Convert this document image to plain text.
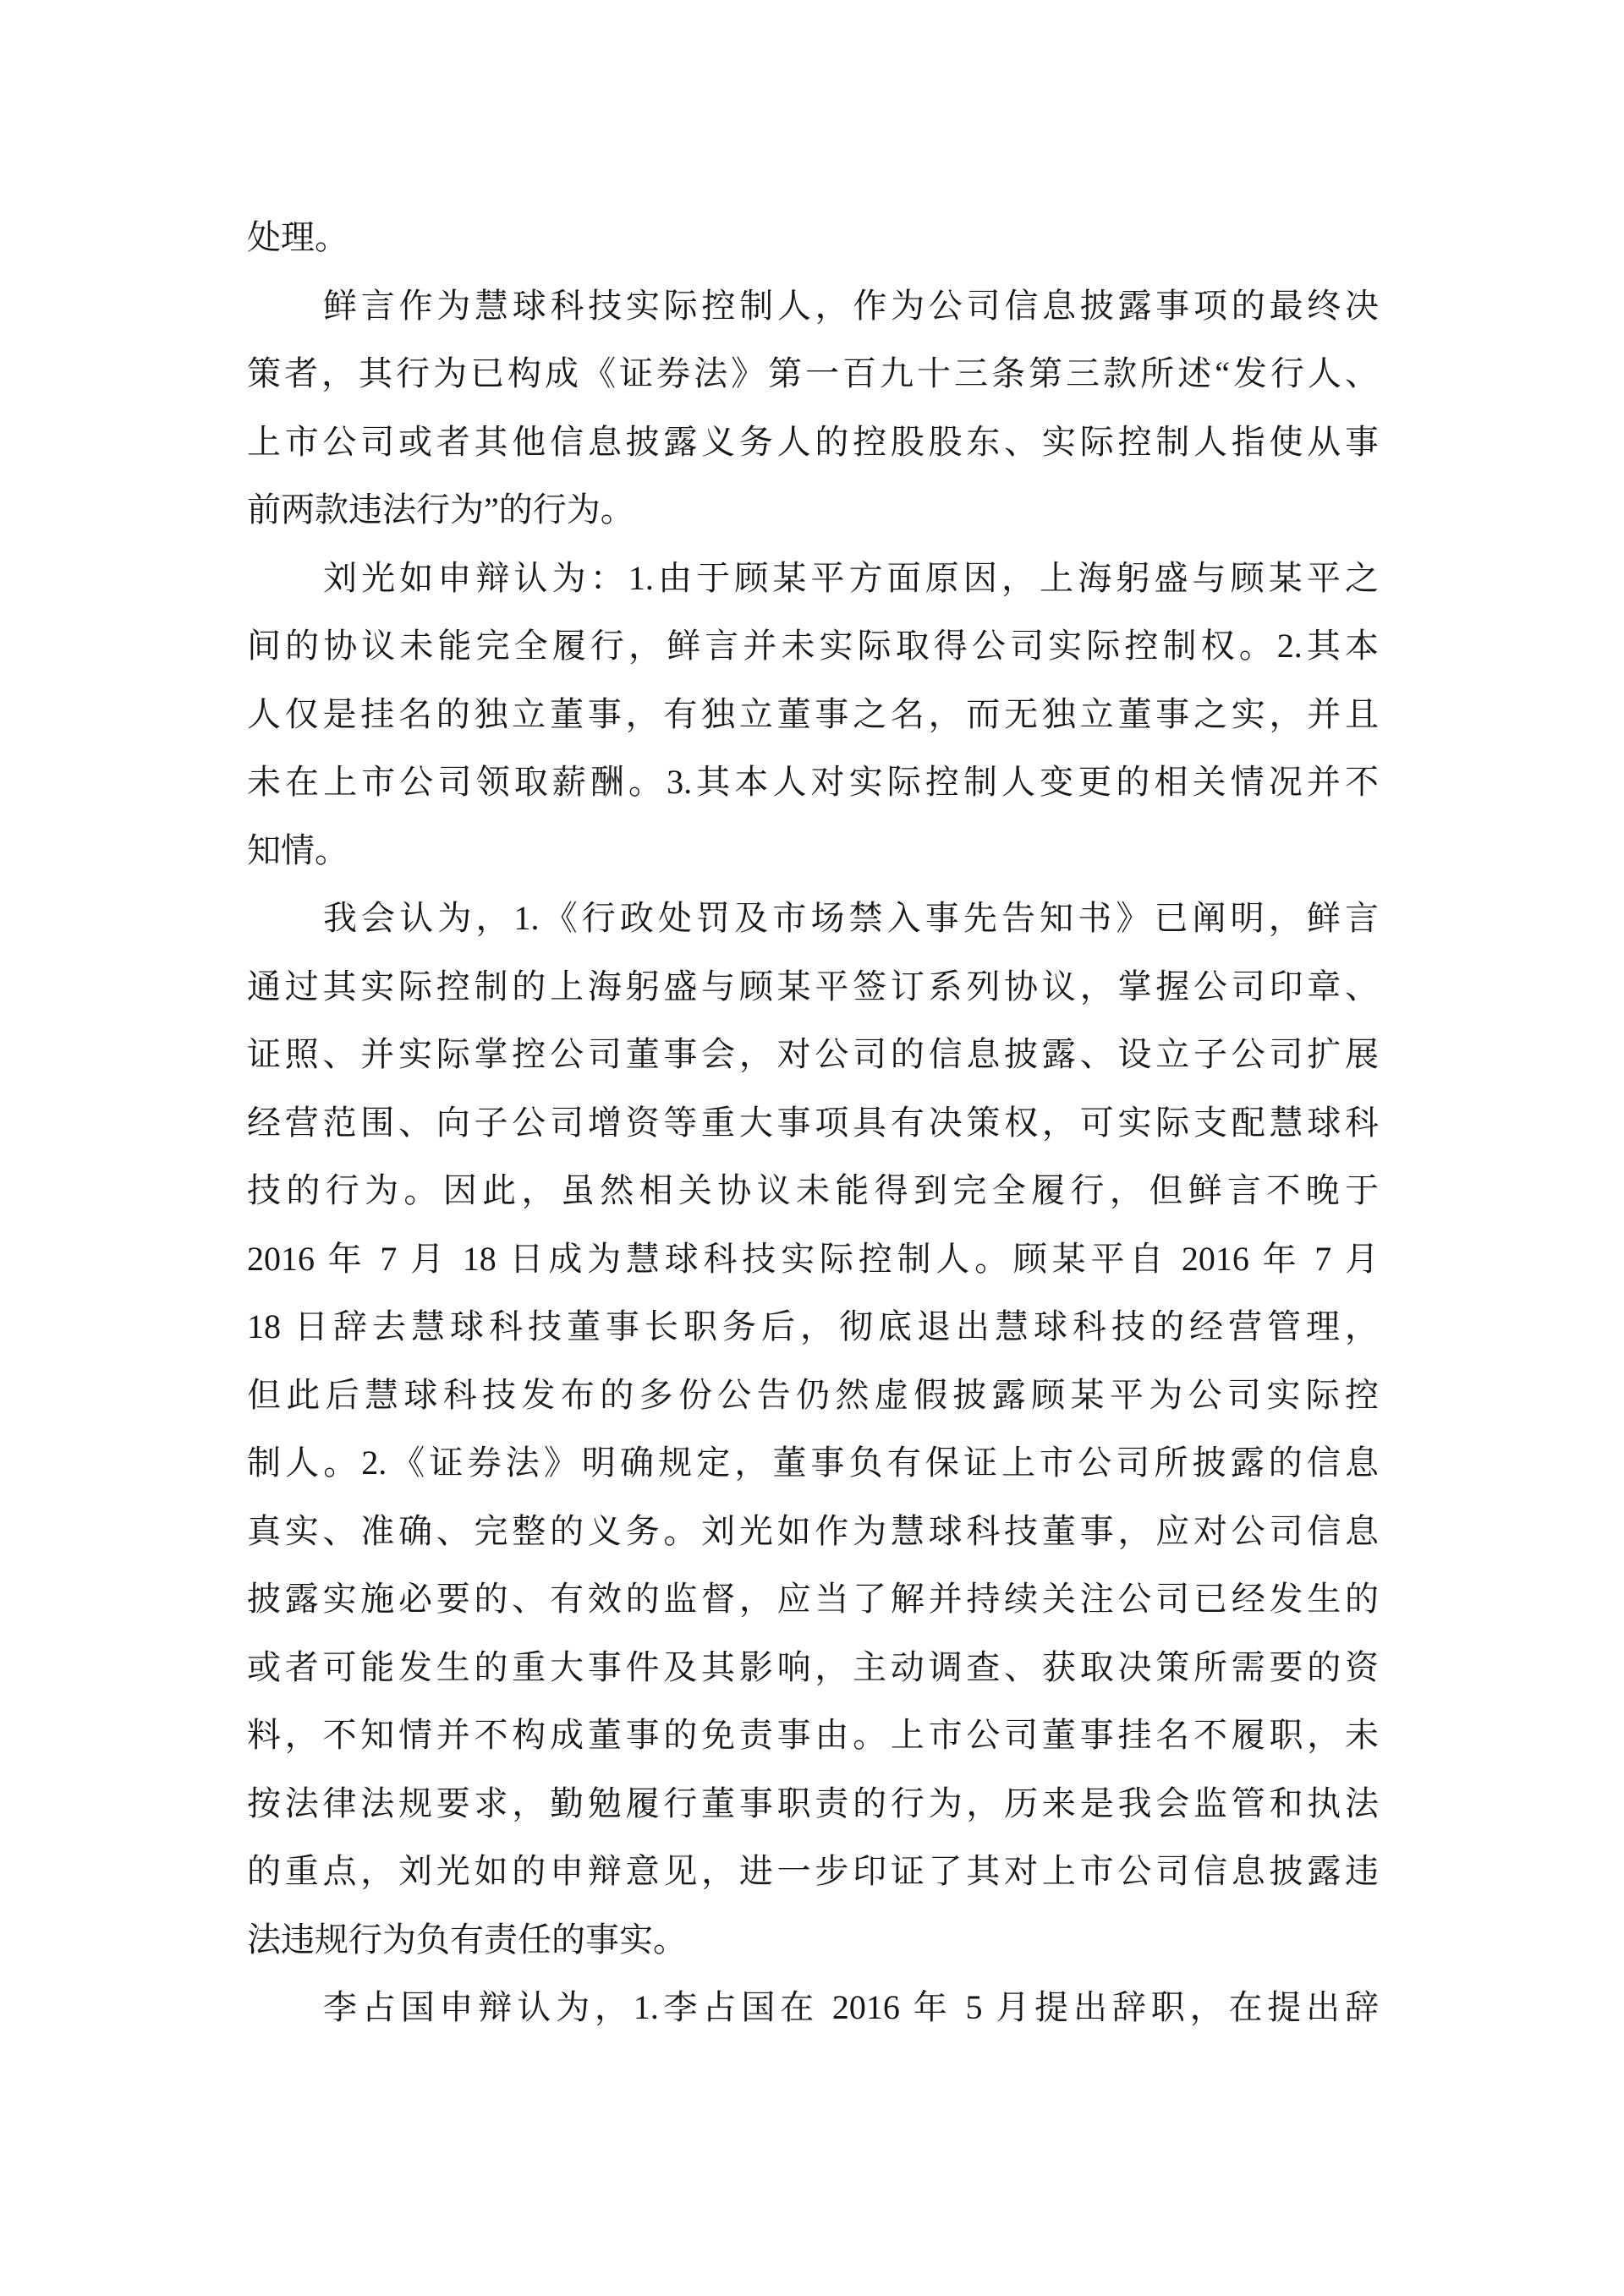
处理。
鲜言作为慧球科技实际控制人，作为公司信息披露事项的最终决
策者，其行为已构成《证券法》第一百九十三条第三款所述“发行人、
上市公司或者其他信息披露义务人的控股股东、实际控制人指使从事
前两款违法行为”的行为。
刘光如申辩认为：1.由于顾某平方面原因，上海躬盛与顾某平之
间的协议未能完全履行，鲜言并未实际取得公司实际控制权。2.其本
人仅是挂名的独立董事，有独立董事之名，而无独立董事之实，并且
未在上市公司领取薪酬。3.其本人对实际控制人变更的相关情况并不
知情。
我会认为，1.《行政处罚及市场禁入事先告知书》已阐明，鲜言
通过其实际控制的上海躬盛与顾某平签订系列协议，掌握公司印章、
证照、并实际掌控公司董事会，对公司的信息披露、设立子公司扩展
经营范围、向子公司增资等重大事项具有决策权，可实际支配慧球科
技的行为。因此，虽然相关协议未能得到完全履行，但鲜言不晚于
2016 年 7 月 18 日成为慧球科技实际控制人。顾某平自 2016 年 7 月
18 日辞去慧球科技董事长职务后，彻底退出慧球科技的经营管理，
但此后慧球科技发布的多份公告仍然虚假披露顾某平为公司实际控
制人。2.《证券法》明确规定，董事负有保证上市公司所披露的信息
真实、准确、完整的义务。刘光如作为慧球科技董事，应对公司信息
披露实施必要的、有效的监督，应当了解并持续关注公司已经发生的
或者可能发生的重大事件及其影响，主动调查、获取决策所需要的资
料，不知情并不构成董事的免责事由。上市公司董事挂名不履职，未
按法律法规要求，勤勉履行董事职责的行为，历来是我会监管和执法
的重点，刘光如的申辩意见，进一步印证了其对上市公司信息披露违
法违规行为负有责任的事实。
李占国申辩认为，1.李占国在 2016 年 5 月提出辞职，在提出辞
